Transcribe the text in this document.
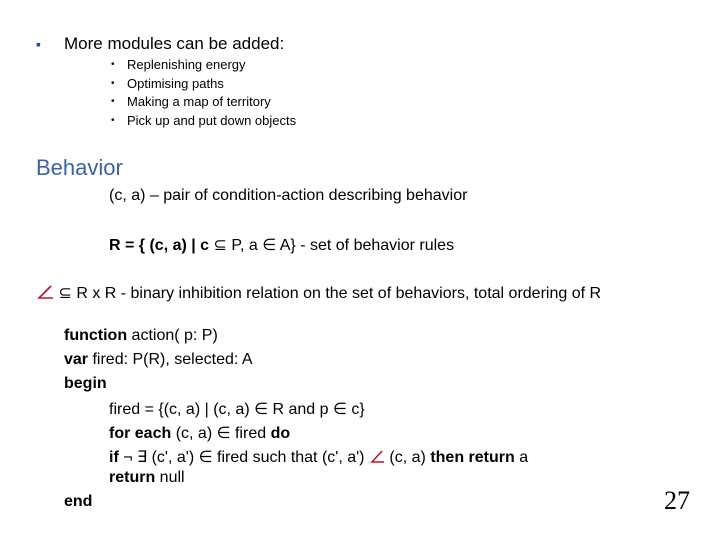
▪ More modules can be added:
• Replenishing energy
• Optimising paths
• Making a map of territory
• Pick up and put down objects
Behavior
(c, a) – pair of condition-action describing behavior
R = { (c, a) | c ⊆ P, a ∈ A} - set of behavior rules
⊆ R x R - binary inhibition relation on the set of behaviors, total ordering of R
function action( p: P)
var fired: P(R), selected: A
begin
fired = {(c, a) | (c, a) ∈ R and p ∈ c}
for each (c, a) ∈ fired do
if ¬ ∃ (c', a') ∈ fired such that (c', a') (c, a) then return a
return null
end	27
